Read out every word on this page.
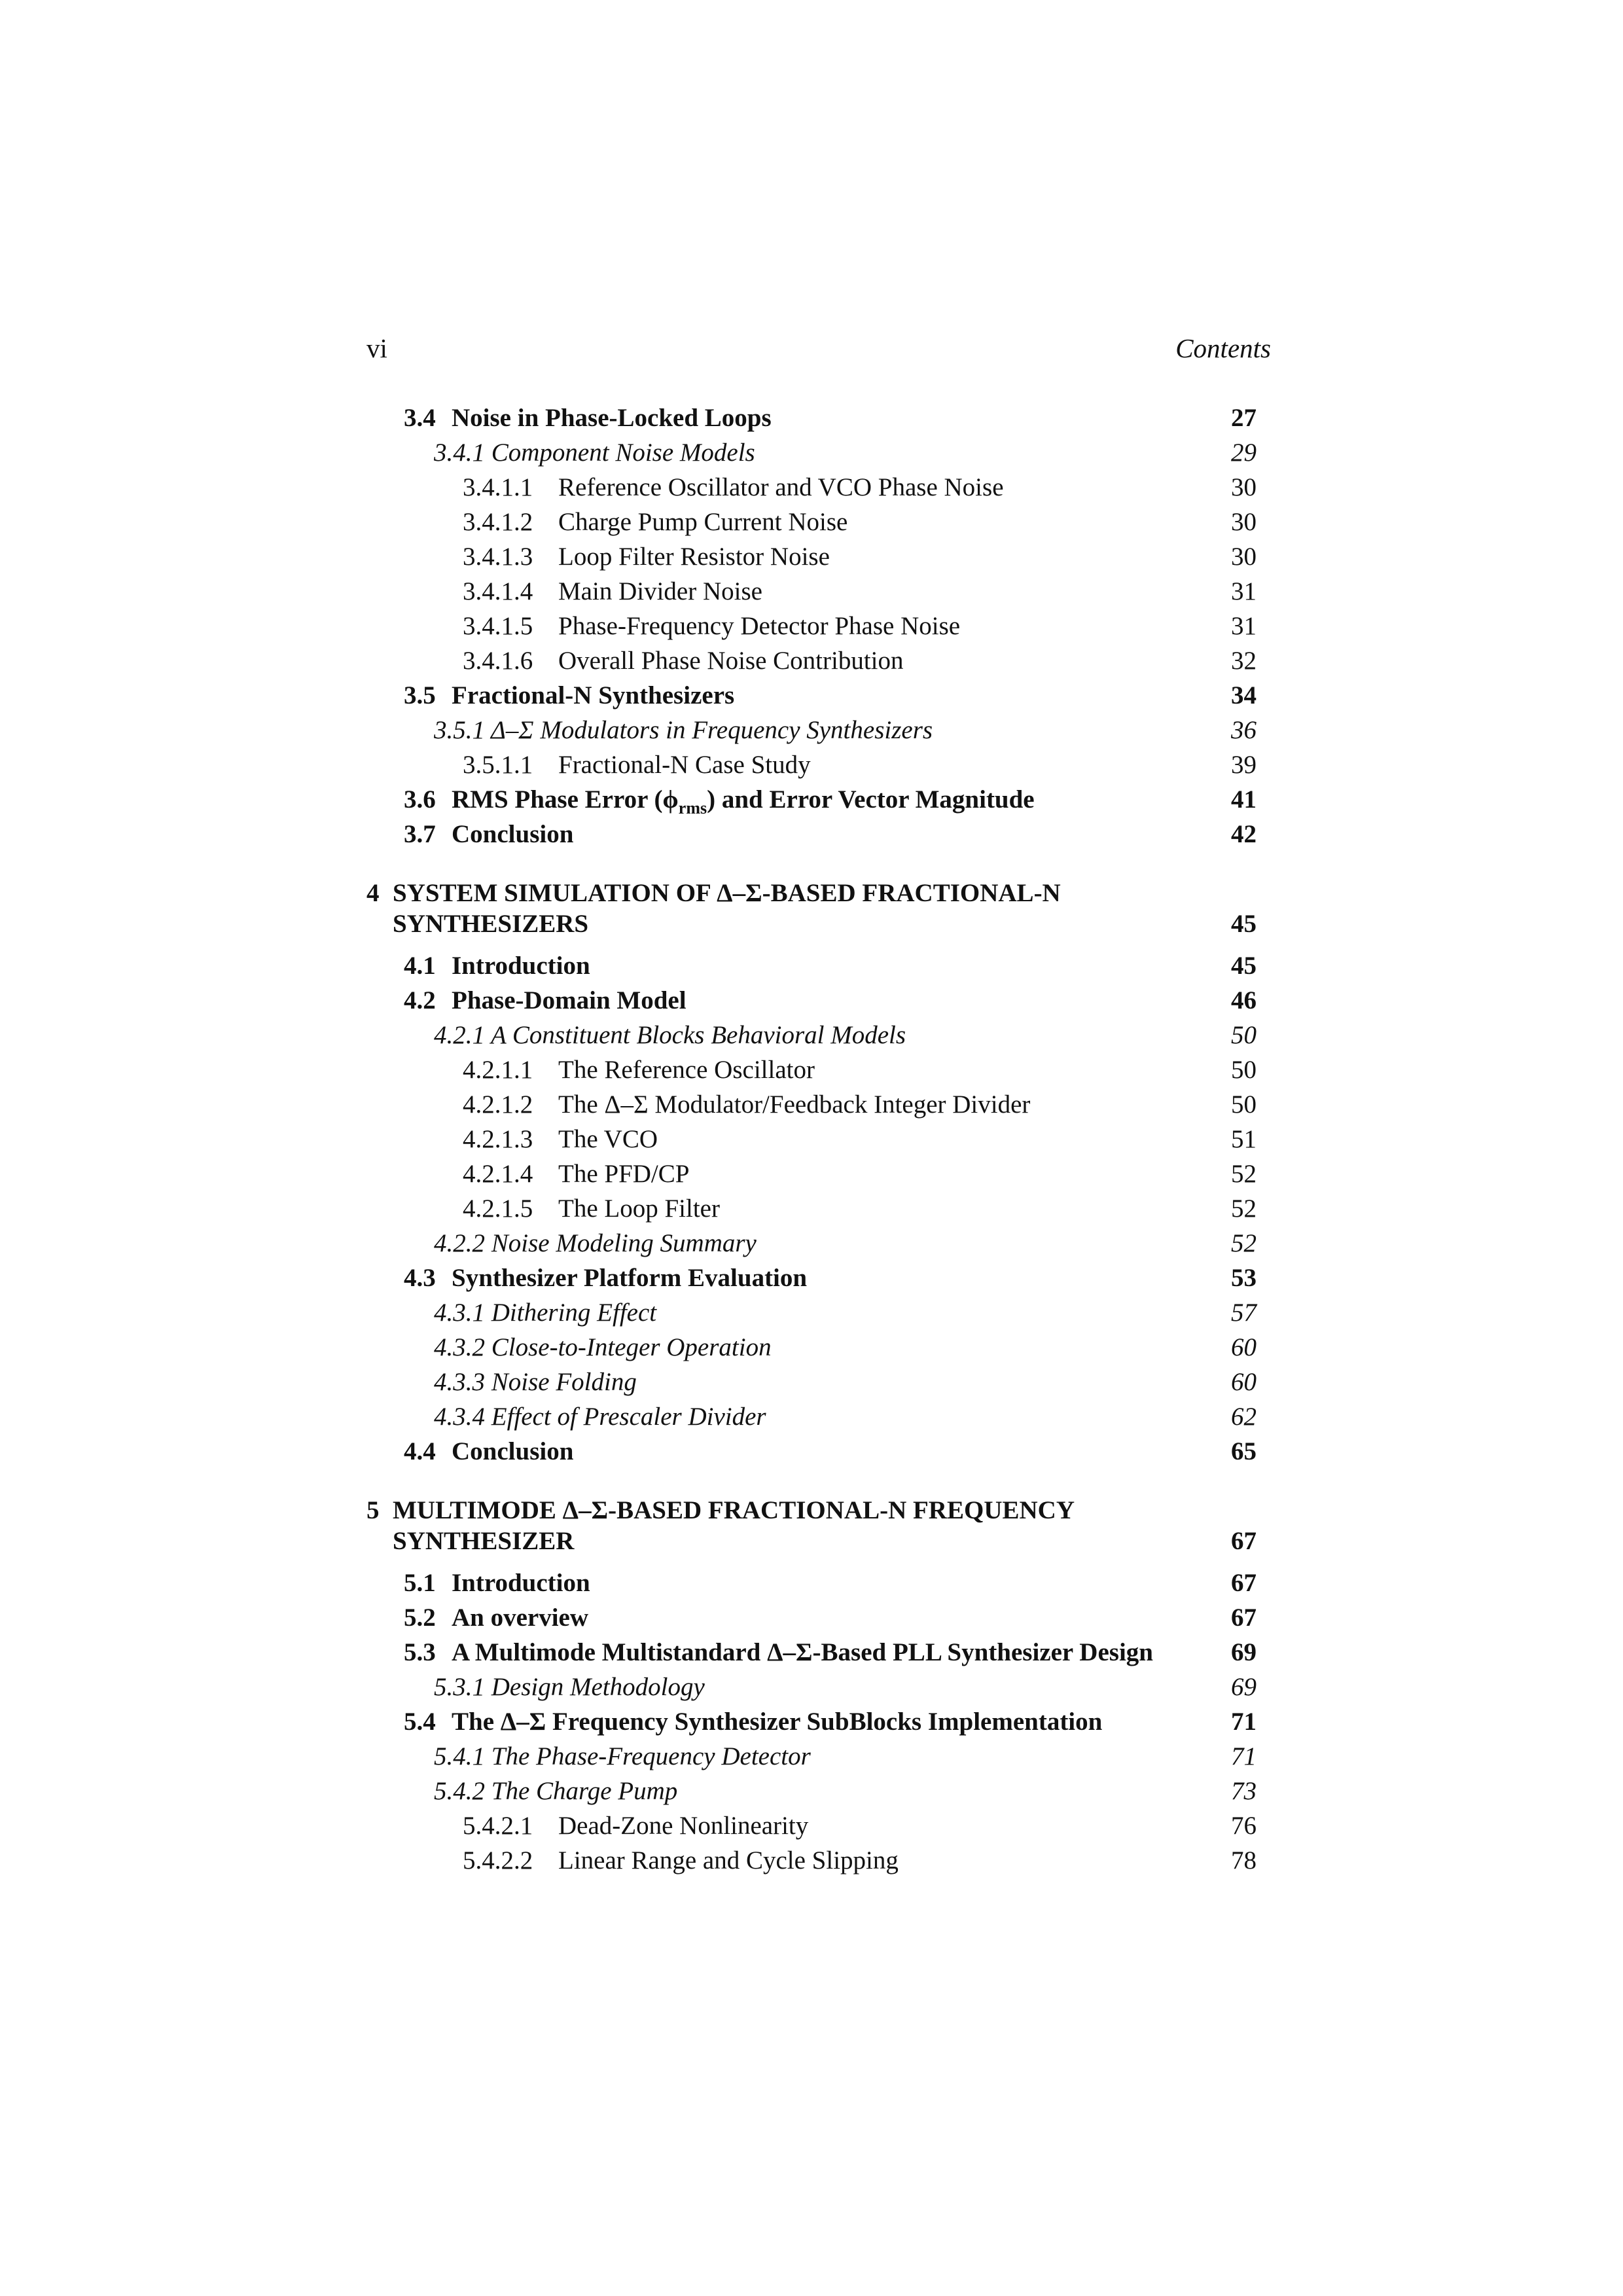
vi	Contents
3.4 Noise in Phase-Locked Loops	27
3.4.1 Component Noise Models	29
3.4.1.1 Reference Oscillator and VCO Phase Noise	30
3.4.1.2 Charge Pump Current Noise	30
3.4.1.3 Loop Filter Resistor Noise	30
3.4.1.4 Main Divider Noise	31
3.4.1.5 Phase-Frequency Detector Phase Noise	31
3.4.1.6 Overall Phase Noise Contribution	32
3.5 Fractional-N Synthesizers	34
3.5.1 Δ–Σ Modulators in Frequency Synthesizers	36
3.5.1.1 Fractional-N Case Study	39
3.6 RMS Phase Error $(\phi_{rms})$ and Error Vector Magnitude	41
3.7 Conclusion	42
4 SYSTEM SIMULATION OF Δ–Σ-BASED FRACTIONAL-N
SYNTHESIZERS	45
4.1 Introduction	45
4.2 Phase-Domain Model	46
4.2.1 A Constituent Blocks Behavioral Models	50
4.2.1.1 The Reference Oscillator	50
4.2.1.2 The Δ–Σ Modulator/Feedback Integer Divider	50
4.2.1.3 The VCO	51
4.2.1.4 The PFD/CP	52
4.2.1.5 The Loop Filter	52
4.2.2 Noise Modeling Summary	52
4.3 Synthesizer Platform Evaluation	53
4.3.1 Dithering Effect	57
4.3.2 Close-to-Integer Operation	60
4.3.3 Noise Folding	60
4.3.4 Effect of Prescaler Divider	62
4.4 Conclusion	65
5 MULTIMODE Δ–Σ-BASED FRACTIONAL-N FREQUENCY
SYNTHESIZER	67
5.1 Introduction	67
5.2 An overview	67
5.3 A Multimode Multistandard Δ–Σ-Based PLL Synthesizer Design	69
5.3.1 Design Methodology	69
5.4 The Δ–Σ Frequency Synthesizer SubBlocks Implementation	71
5.4.1 The Phase-Frequency Detector	71
5.4.2 The Charge Pump	73
5.4.2.1 Dead-Zone Nonlinearity	76
5.4.2.2 Linear Range and Cycle Slipping	78
